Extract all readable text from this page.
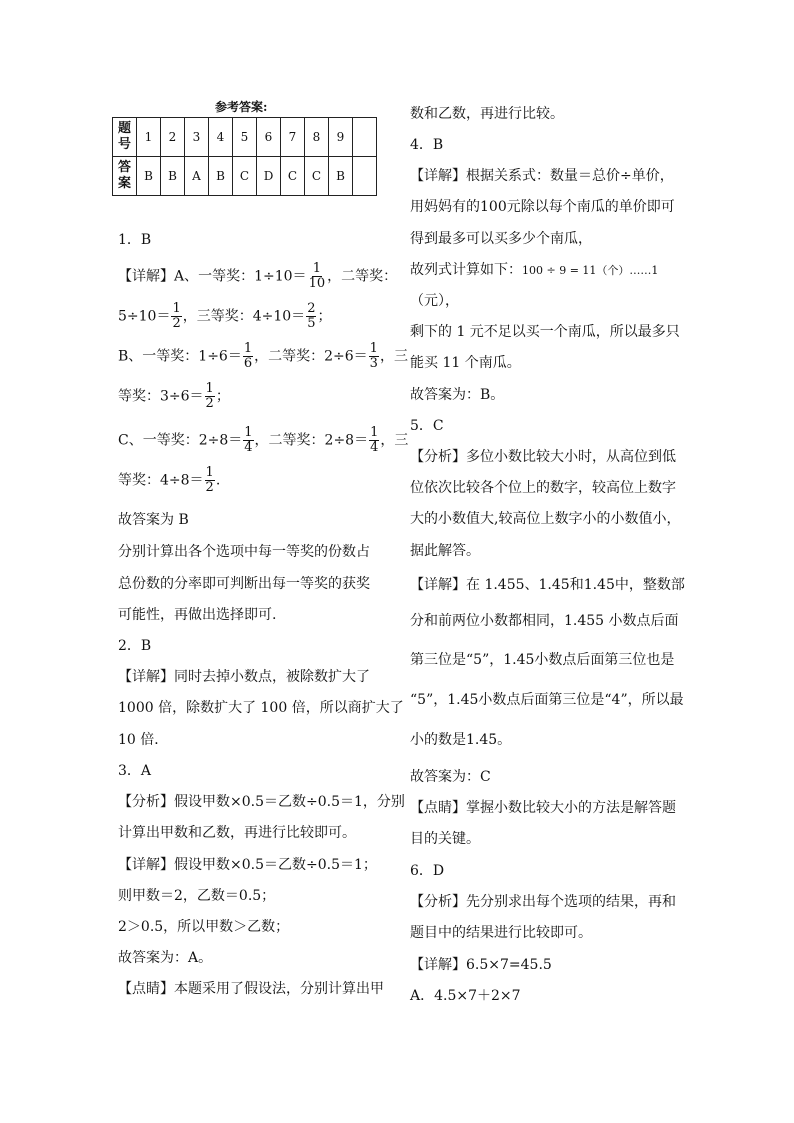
参考答案:
题
号	1	2	3	4	5	6	7	8	9	
答
案	B	B	A	B	C	D	C	C	B	
1．B
【详解】A、一等奖：$1\div 10= \frac{1}{10}$ ，二等奖：
$5\div 10= \frac{1}{2}$ ，三等奖：$4\div 10= \frac{2}{5}$ ；
B、一等奖：$1\div 6= \frac{1}{6}$ ，二等奖：$2\div 6= \frac{1}{3}$ ，三
等奖：$3\div 6= \frac{1}{2}$ ；
C、一等奖：$2\div 8= \frac{1}{4}$ ，二等奖：$2\div 8= \frac{1}{4}$ ，三
等奖：$4\div 8= \frac{1}{2}$ .
故答案为 B
分别计算出各个选项中每一等奖的份数占
总份数的分率即可判断出每一等奖的获奖
可能性，再做出选择即可.
2．B
【详解】同时去掉小数点，被除数扩大了
1000 倍，除数扩大了 100 倍，所以商扩大了
10 倍．
3．A
【分析】假设甲数×0.5＝乙数÷0.5＝1，分别
计算出甲数和乙数，再进行比较即可。
【详解】假设甲数×0.5＝乙数÷0.5＝1；
则甲数＝2，乙数＝0.5；
2＞0.5，所以甲数＞乙数；
故答案为：A。
【点睛】本题采用了假设法，分别计算出甲
数和乙数，再进行比较。
4．B
【详解】根据关系式：数量＝总价÷单价，
用妈妈有的100元除以每个南瓜的单价即可
得到最多可以买多少个南瓜，
故列式计算如下：100 ÷ 9 = 11（个）……1
（元），
剩下的 1 元不足以买一个南瓜，所以最多只
能买 11 个南瓜。
故答案为：B。
5．C
【分析】多位小数比较大小时，从高位到低
位依次比较各个位上的数字，较高位上数字
大的小数值大,较高位上数字小的小数值小，
据此解答。
【详解】在 1.455、1.45̇和1.4̇5̇中，整数部
分和前两位小数都相同，1.455 小数点后面
第三位是“5”，1.45̇小数点后面第三位也是
“5”，1.4̇5̇小数点后面第三位是“4”，所以最
小的数是1.4̇5̇。
故答案为：C
【点睛】掌握小数比较大小的方法是解答题
目的关键。
6．D
【分析】先分别求出每个选项的结果，再和
题目中的结果进行比较即可。
【详解】6.5×7=45.5
A．4.5×7＋2×7
